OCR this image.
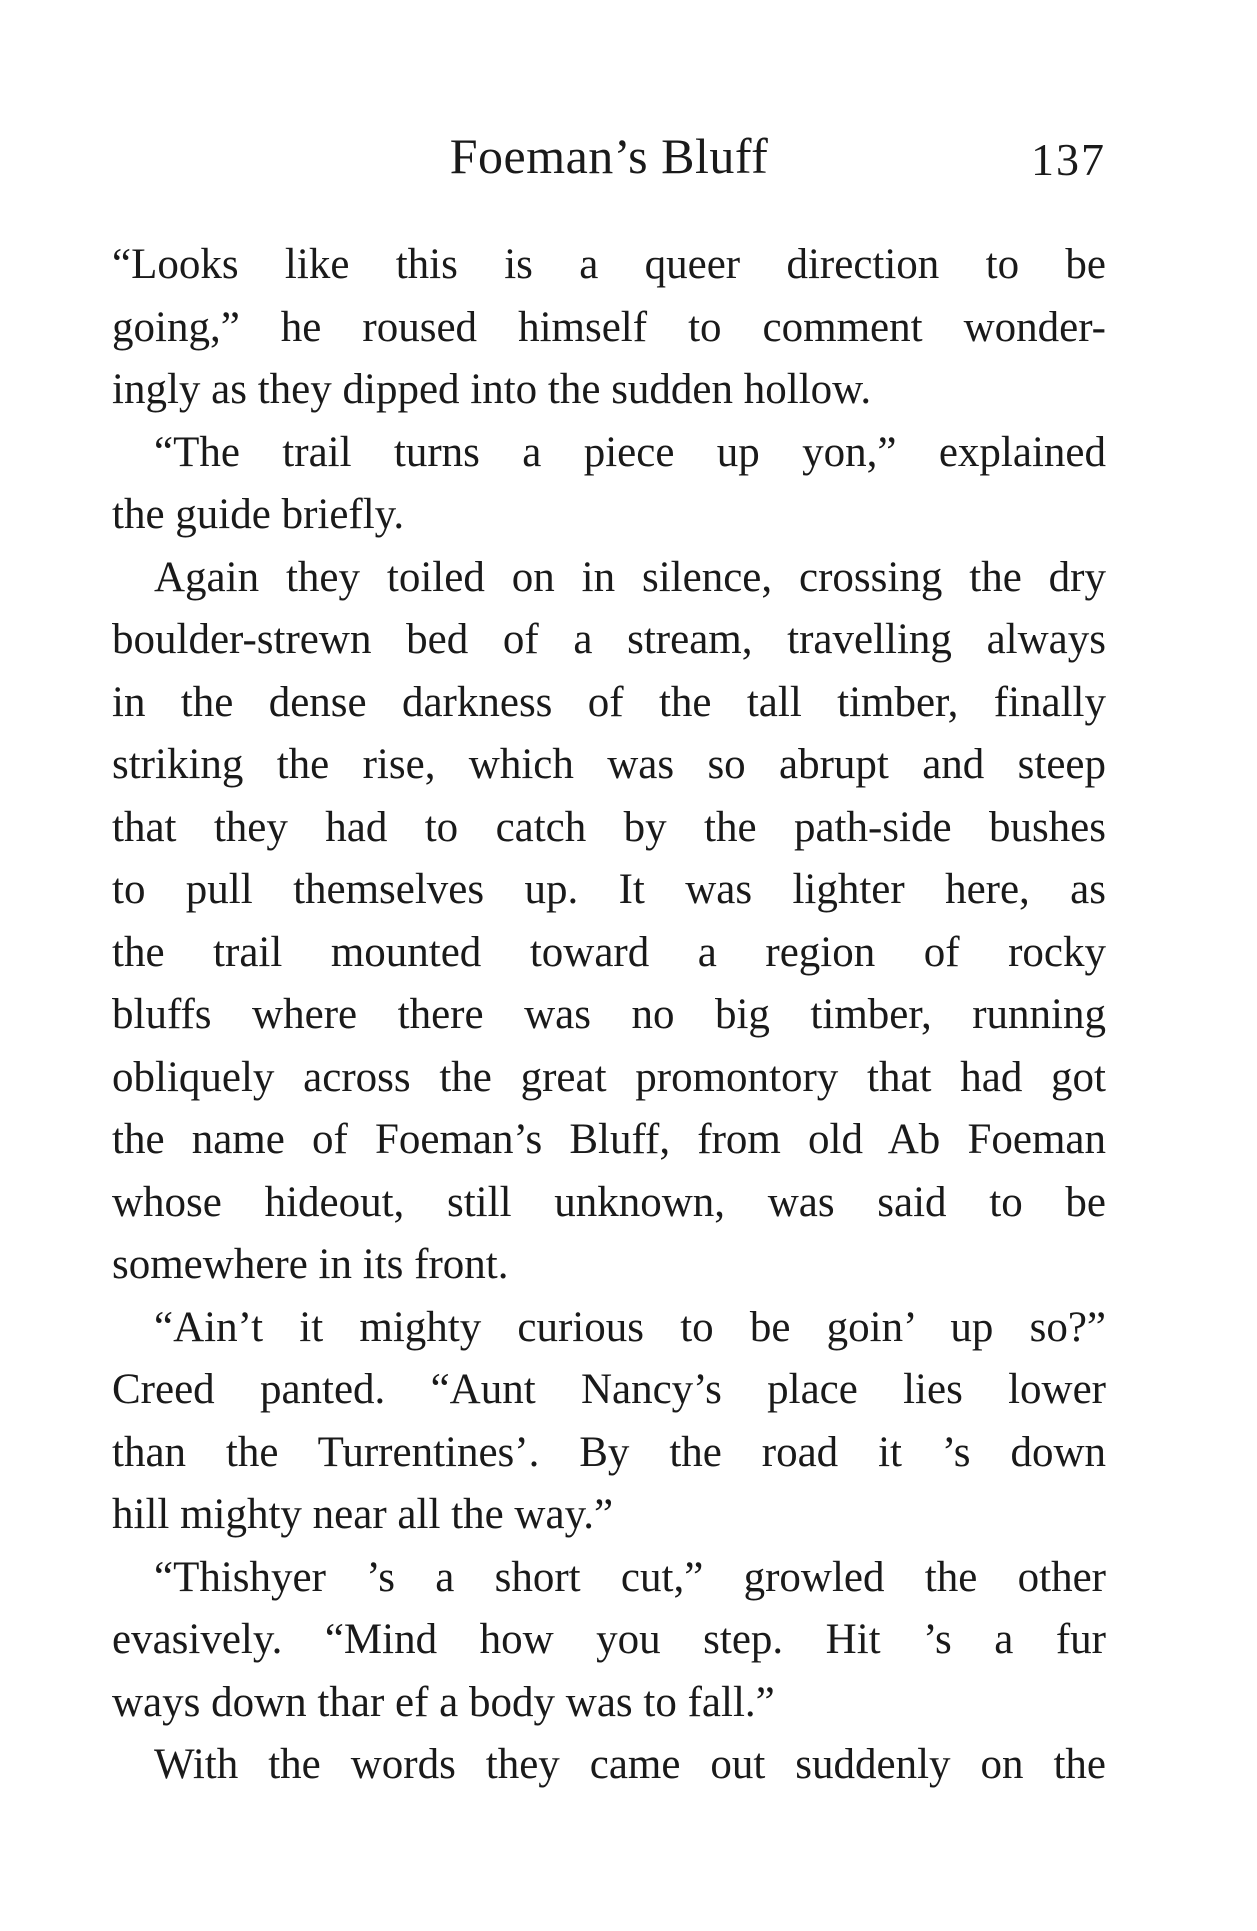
Foeman’s Bluff	137
“Looks like this is a queer direction to be
going,” he roused himself to comment wonder-
ingly as they dipped into the sudden hollow.
“The trail turns a piece up yon,” explained
the guide briefly.
Again they toiled on in silence, crossing the dry
boulder-strewn bed of a stream, travelling always
in the dense darkness of the tall timber, finally
striking the rise, which was so abrupt and steep
that they had to catch by the path-side bushes
to pull themselves up. It was lighter here, as
the trail mounted toward a region of rocky
bluffs where there was no big timber, running
obliquely across the great promontory that had got
the name of Foeman’s Bluff, from old Ab Foeman
whose hideout, still unknown, was said to be
somewhere in its front.
“Ain’t it mighty curious to be goin’ up so?”
Creed panted. “Aunt Nancy’s place lies lower
than the Turrentines’. By the road it ’s down
hill mighty near all the way.”
“Thishyer ’s a short cut,” growled the other
evasively. “Mind how you step. Hit ’s a fur
ways down thar ef a body was to fall.”
With the words they came out suddenly on the
